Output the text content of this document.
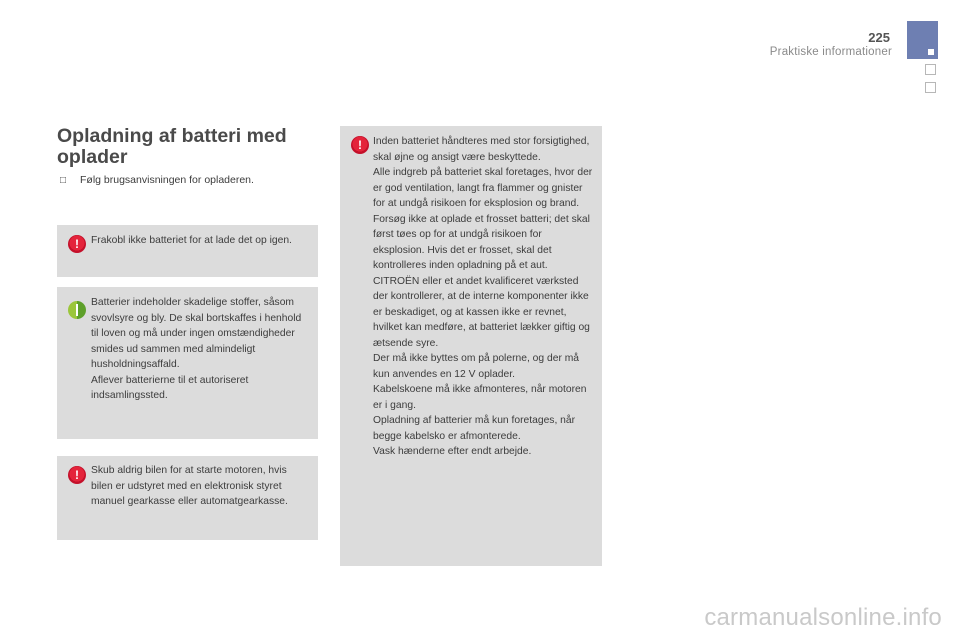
225
Praktiske informationer
Opladning af batteri med oplader
□ Følg brugsanvisningen for opladeren.
!	Frakobl ikke batteriet for at lade det op igen.
Batterier indeholder skadelige stoffer, såsom svovlsyre og bly. De skal bortskaffes i henhold til loven og må under ingen omstændigheder smides ud sammen med almindeligt husholdningsaffald.
Aflever batterierne til et autoriseret indsamlingssted.
!	Skub aldrig bilen for at starte motoren, hvis bilen er udstyret med en elektronisk styret manuel gearkasse eller automatgearkasse.
!	Inden batteriet håndteres med stor forsigtighed, skal øjne og ansigt være beskyttede.
Alle indgreb på batteriet skal foretages, hvor der er god ventilation, langt fra flammer og gnister for at undgå risikoen for eksplosion og brand.
Forsøg ikke at oplade et frosset batteri; det skal først tøes op for at undgå risikoen for eksplosion. Hvis det er frosset, skal det kontrolleres inden opladning på et aut. CITROËN eller et andet kvalificeret værksted der kontrollerer, at de interne komponenter ikke er beskadiget, og at kassen ikke er revnet, hvilket kan medføre, at batteriet lækker giftig og ætsende syre.
Der må ikke byttes om på polerne, og der må kun anvendes en 12 V oplader.
Kabelskoene må ikke afmonteres, når motoren er i gang.
Opladning af batterier må kun foretages, når begge kabelsko er afmonterede.
Vask hænderne efter endt arbejde.
carmanualsonline.info
